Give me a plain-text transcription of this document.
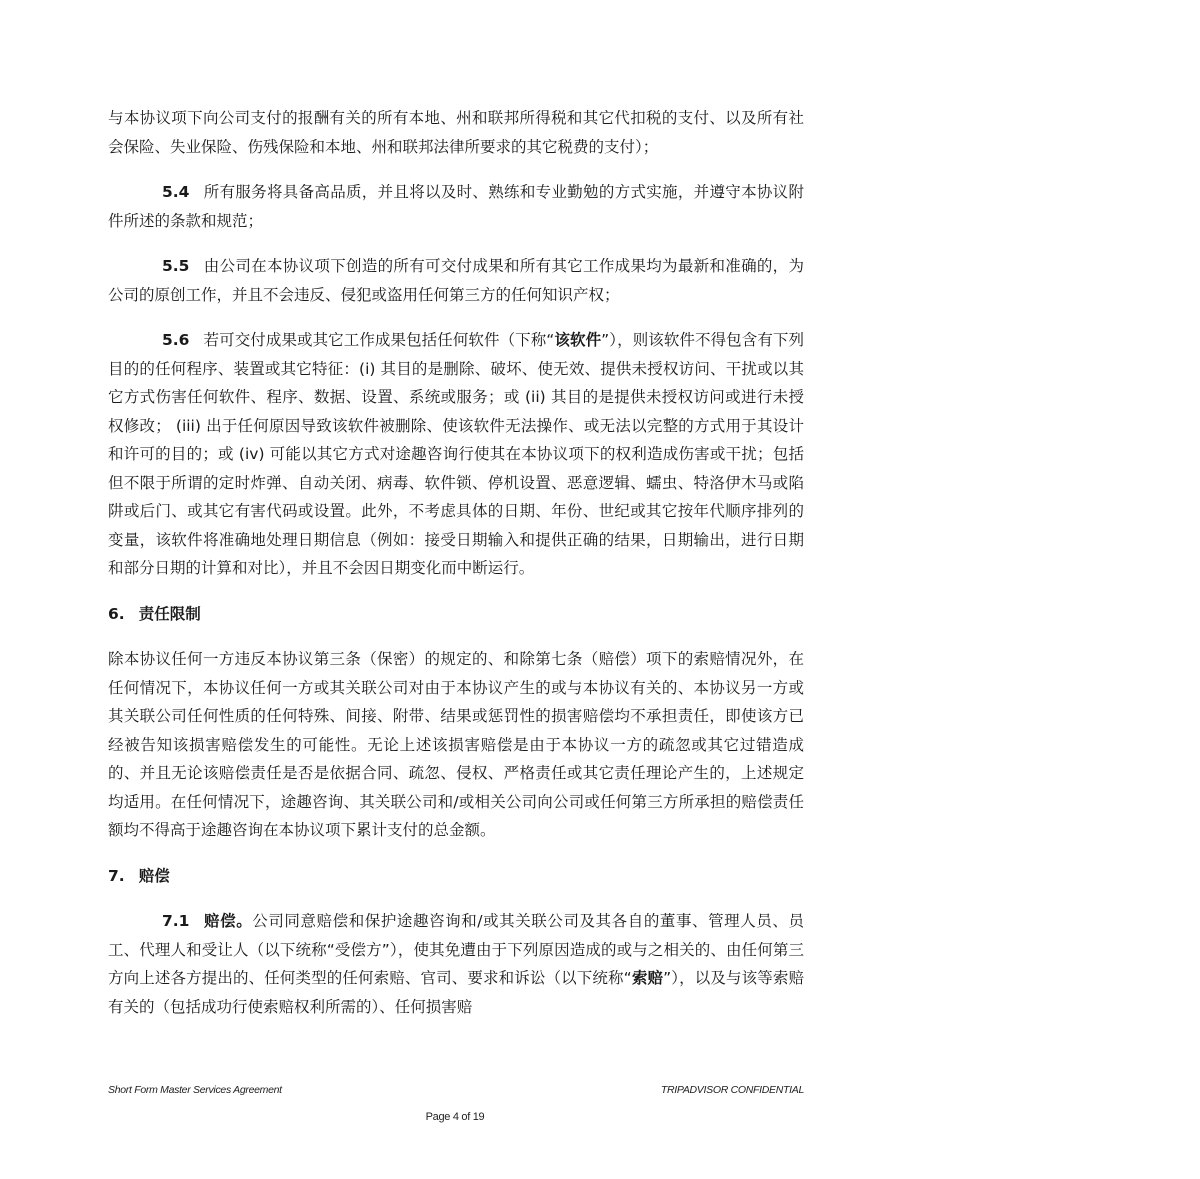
与本协议项下向公司支付的报酬有关的所有本地、州和联邦所得税和其它代扣税的支付、以及所有社会保险、失业保险、伤残保险和本地、州和联邦法律所要求的其它税费的支付）；

5.4 所有服务将具备高品质，并且将以及时、熟练和专业勤勉的方式实施，并遵守本协议附件所述的条款和规范；

5.5 由公司在本协议项下创造的所有可交付成果和所有其它工作成果均为最新和准确的，为公司的原创工作，并且不会违反、侵犯或盗用任何第三方的任何知识产权；

5.6 若可交付成果或其它工作成果包括任何软件（下称“该软件”），则该软件不得包含有下列目的的任何程序、装置或其它特征：(i) 其目的是删除、破坏、使无效、提供未授权访问、干扰或以其它方式伤害任何软件、程序、数据、设置、系统或服务；或 (ii) 其目的是提供未授权访问或进行未授权修改； (iii) 出于任何原因导致该软件被删除、使该软件无法操作、或无法以完整的方式用于其设计和许可的目的；或 (iv) 可能以其它方式对途趣咨询行使其在本协议项下的权利造成伤害或干扰；包括但不限于所谓的定时炸弹、自动关闭、病毒、软件锁、停机设置、恶意逻辑、蠕虫、特洛伊木马或陷阱或后门、或其它有害代码或设置。此外，不考虑具体的日期、年份、世纪或其它按年代顺序排列的变量，该软件将准确地处理日期信息（例如：接受日期输入和提供正确的结果，日期输出，进行日期和部分日期的计算和对比），并且不会因日期变化而中断运行。

6. 责任限制

除本协议任何一方违反本协议第三条（保密）的规定的、和除第七条（赔偿）项下的索赔情况外，在任何情况下，本协议任何一方或其关联公司对由于本协议产生的或与本协议有关的、本协议另一方或其关联公司任何性质的任何特殊、间接、附带、结果或惩罚性的损害赔偿均不承担责任，即使该方已经被告知该损害赔偿发生的可能性。无论上述该损害赔偿是由于本协议一方的疏忽或其它过错造成的、并且无论该赔偿责任是否是依据合同、疏忽、侵权、严格责任或其它责任理论产生的，上述规定均适用。在任何情况下，途趣咨询、其关联公司和/或相关公司向公司或任何第三方所承担的赔偿责任额均不得高于途趣咨询在本协议项下累计支付的总金额。

7. 赔偿

7.1 赔偿。公司同意赔偿和保护途趣咨询和/或其关联公司及其各自的董事、管理人员、员工、代理人和受让人（以下统称“受偿方”），使其免遭由于下列原因造成的或与之相关的、由任何第三方向上述各方提出的、任何类型的任何索赔、官司、要求和诉讼（以下统称“索赔”），以及与该等索赔有关的（包括成功行使索赔权利所需的）、任何损害赔

Short Form Master Services Agreement	TRIPADVISOR CONFIDENTIAL
Page 4 of 19
